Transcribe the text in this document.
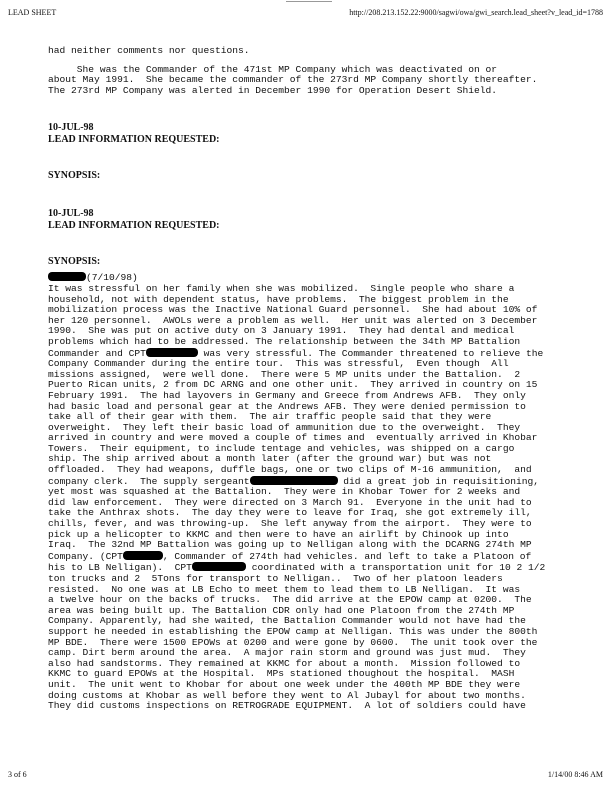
LEAD SHEET	http://208.213.152.22:9000/sagwi/owa/gwi_search.lead_sheet?v_lead_id=1788

had neither comments nor questions.

She was the Commander of the 471st MP Company which was deactivated on or

about May 1991.  She became the commander of the 273rd MP Company shortly thereafter.

The 273rd MP Company was alerted in December 1990 for Operation Desert Shield.

10-JUL-98

LEAD INFORMATION REQUESTED:

SYNOPSIS:

10-JUL-98

LEAD INFORMATION REQUESTED:

SYNOPSIS:

(7/10/98)

It was stressful on her family when she was mobilized.  Single people who share a

household, not with dependent status, have problems.  The biggest problem in the

mobilization process was the Inactive National Guard personnel.  She had about 10% of

her 120 personnel.  AWOLs were a problem as well.  Her unit was alerted on 3 December

1990.  She was put on active duty on 3 January 1991.  They had dental and medical

problems which had to be addressed. The relationship between the 34th MP Battalion

Commander and CPT	was very stressful. The Commander threatened to relieve the

Company Commander during the entire tour.  This was stressful,  Even though  All

missions assigned,  were well done.  There were 5 MP units under the Battalion.  2

Puerto Rican units, 2 from DC ARNG and one other unit.  They arrived in country on 15

February 1991.  The had layovers in Germany and Greece from Andrews AFB.  They only

had basic load and personal gear at the Andrews AFB. They were denied permission to

take all of their gear with them.  The air traffic people said that they were

overweight.  They left their basic load of ammunition due to the overweight.  They

arrived in country and were moved a couple of times and  eventually arrived in Khobar

Towers.  Their equipment, to include tentage and vehicles, was shipped on a cargo

ship. The ship arrived about a month later (after the ground war) but was not

offloaded.  They had weapons, duffle bags, one or two clips of M-16 ammunition,  and

company clerk.  The supply sergeant	did a great job in requisitioning,

yet most was squashed at the Battalion.  They were in Khobar Tower for 2 weeks and

did law enforcement.  They were directed on 3 March 91.  Everyone in the unit had to

take the Anthrax shots.  The day they were to leave for Iraq, she got extremely ill,

chills, fever, and was throwing-up.  She left anyway from the airport.  They were to

pick up a helicopter to KKMC and then were to have an airlift by Chinook up into

Iraq.  The 32nd MP Battalion was going up to Nelligan along with the DCARNG 274th MP

Company. (CPT	, Commander of 274th had vehicles. and left to take a Platoon of

his to LB Nelligan).  CPT	coordinated with a transportation unit for 10 2 1/2

ton trucks and 2  5Tons for transport to Nelligan..  Two of her platoon leaders

resisted.  No one was at LB Echo to meet them to lead them to LB Nelligan.  It was

a twelve hour on the backs of trucks.  The did arrive at the EPOW camp at 0200.  The

area was being built up. The Battalion CDR only had one Platoon from the 274th MP

Company. Apparently, had she waited, the Battalion Commander would not have had the

support he needed in establishing the EPOW camp at Nelligan. This was under the 800th

MP BDE.  There were 1500 EPOWs at 0200 and were gone by 0600.  The unit took over the

camp. Dirt berm around the area.  A major rain storm and ground was just mud.  They

also had sandstorms. They remained at KKMC for about a month.  Mission followed to

KKMC to guard EPOWs at the Hospital.  MPs stationed thoughout the hospital.  MASH

unit.  The unit went to Khobar for about one week under the 400th MP BDE they were

doing customs at Khobar as well before they went to Al Jubayl for about two months.

They did customs inspections on RETROGRADE EQUIPMENT.  A lot of soldiers could have

3 of 6	1/14/00 8:46 AM
